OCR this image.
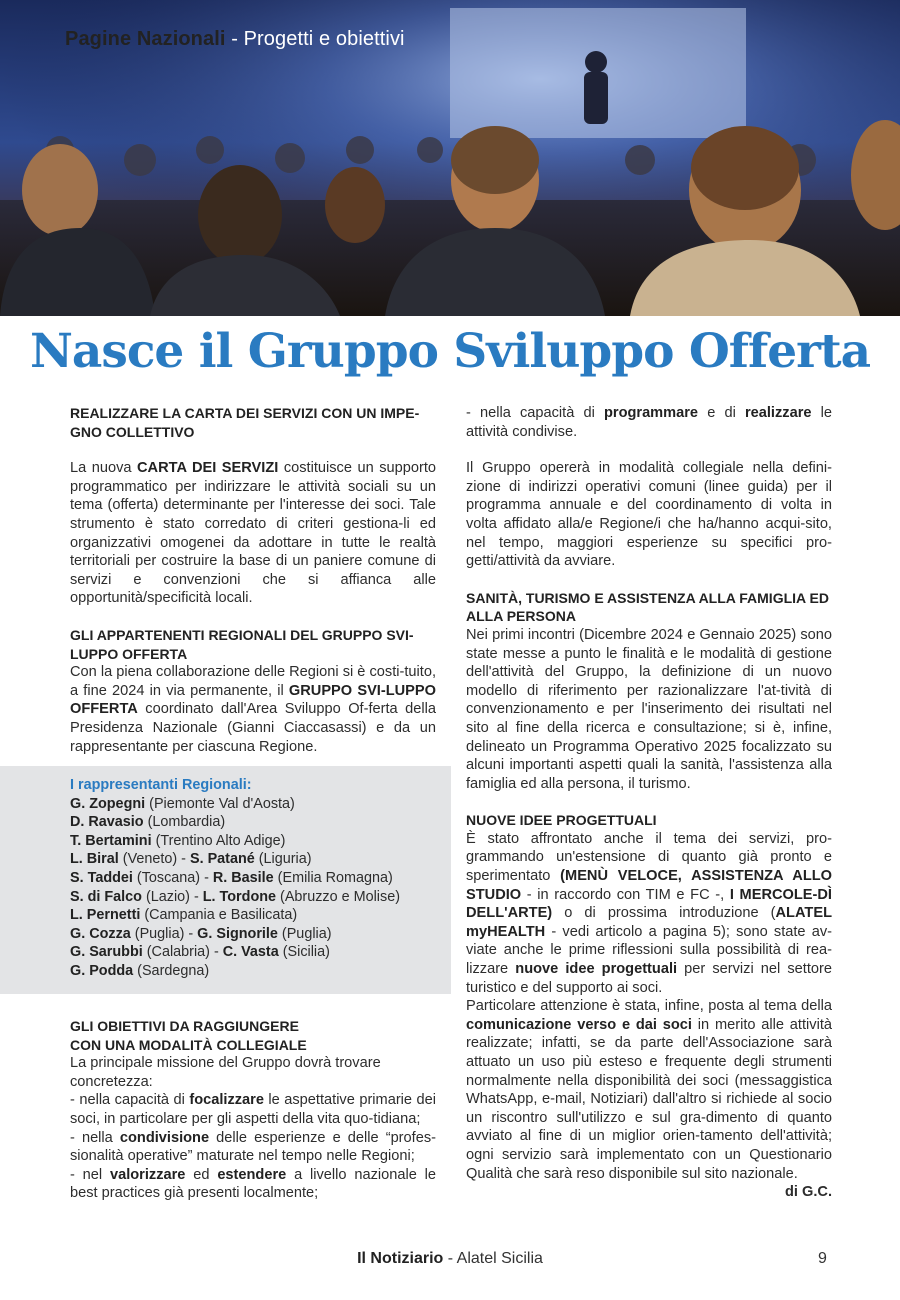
Pagine Nazionali - Progetti e obiettivi
Nasce il Gruppo Sviluppo Offerta
REALIZZARE LA CARTA DEI SERVIZI CON UN IMPE-GNO COLLETTIVO

La nuova CARTA DEI SERVIZI costituisce un supporto programmatico per indirizzare le attività sociali su un tema (offerta) determinante per l'interesse dei soci. Tale strumento è stato corredato di criteri gestiona-li ed organizzativi omogenei da adottare in tutte le realtà territoriali per costruire la base di un paniere comune di servizi e convenzioni che si affianca alle opportunità/specificità locali.

GLI APPARTENENTI REGIONALI DEL GRUPPO SVI-LUPPO OFFERTA

Con la piena collaborazione delle Regioni si è costi-tuito, a fine 2024 in via permanente, il GRUPPO SVI-LUPPO OFFERTA coordinato dall'Area Sviluppo Of-ferta della Presidenza Nazionale (Gianni Ciaccasassi) e da un rappresentante per ciascuna Regione.

I rappresentanti Regionali:
G. Zopegni (Piemonte Val d'Aosta)
D. Ravasio (Lombardia)
T. Bertamini (Trentino Alto Adige)
L. Biral (Veneto) - S. Patané (Liguria)
S. Taddei (Toscana) - R. Basile (Emilia Romagna)
S. di Falco (Lazio) - L. Tordone (Abruzzo e Molise)
L. Pernetti (Campania e Basilicata)
G. Cozza (Puglia) - G. Signorile (Puglia)
G. Sarubbi (Calabria) - C. Vasta (Sicilia)
G. Podda (Sardegna)
GLI OBIETTIVI DA RAGGIUNGERE
CON UNA MODALITÀ COLLEGIALE

La principale missione del Gruppo dovrà trovare concretezza:

- nella capacità di focalizzare le aspettative primarie dei soci, in particolare per gli aspetti della vita quo-tidiana;

- nella condivisione delle esperienze e delle “profes-sionalità operative” maturate nel tempo nelle Regioni;

- nel valorizzare ed estendere a livello nazionale le best practices già presenti localmente;

- nella capacità di programmare e di realizzare le attività condivise.

Il Gruppo opererà in modalità collegiale nella defini-zione di indirizzi operativi comuni (linee guida) per il programma annuale e del coordinamento di volta in volta affidato alla/e Regione/i che ha/hanno acqui-sito, nel tempo, maggiori esperienze su specifici pro-getti/attività da avviare.

SANITÀ, TURISMO E ASSISTENZA ALLA FAMIGLIA ED ALLA PERSONA

Nei primi incontri (Dicembre 2024 e Gennaio 2025) sono state messe a punto le finalità e le modalità di gestione dell'attività del Gruppo, la definizione di un nuovo modello di riferimento per razionalizzare l'at-tività di convenzionamento e per l'inserimento dei risultati nel sito al fine della ricerca e consultazione; si è, infine, delineato un Programma Operativo 2025 focalizzato su alcuni importanti aspetti quali la sanità, l'assistenza alla famiglia ed alla persona, il turismo.

NUOVE IDEE PROGETTUALI

È stato affrontato anche il tema dei servizi, pro-grammando un'estensione di quanto già pronto e sperimentato (MENÙ VELOCE, ASSISTENZA ALLO STUDIO - in raccordo con TIM e FC -, I MERCOLE-DÌ DELL'ARTE) o di prossima introduzione (ALATEL myHEALTH - vedi articolo a pagina 5); sono state av-viate anche le prime riflessioni sulla possibilità di rea-lizzare nuove idee progettuali per servizi nel settore turistico e del supporto ai soci.

Particolare attenzione è stata, infine, posta al tema della comunicazione verso e dai soci in merito alle attività realizzate; infatti, se da parte dell'Associazione sarà attuato un uso più esteso e frequente degli strumenti normalmente nella disponibilità dei soci (messaggistica WhatsApp, e-mail, Notiziari) dall'altro si richiede al socio un riscontro sull'utilizzo e sul gra-dimento di quanto avviato al fine di un miglior orien-tamento dell'attività; ogni servizio sarà implementato con un Questionario Qualità che sarà reso disponibile sul sito nazionale.
di G.C.

Il Notiziario - Alatel Sicilia	9
